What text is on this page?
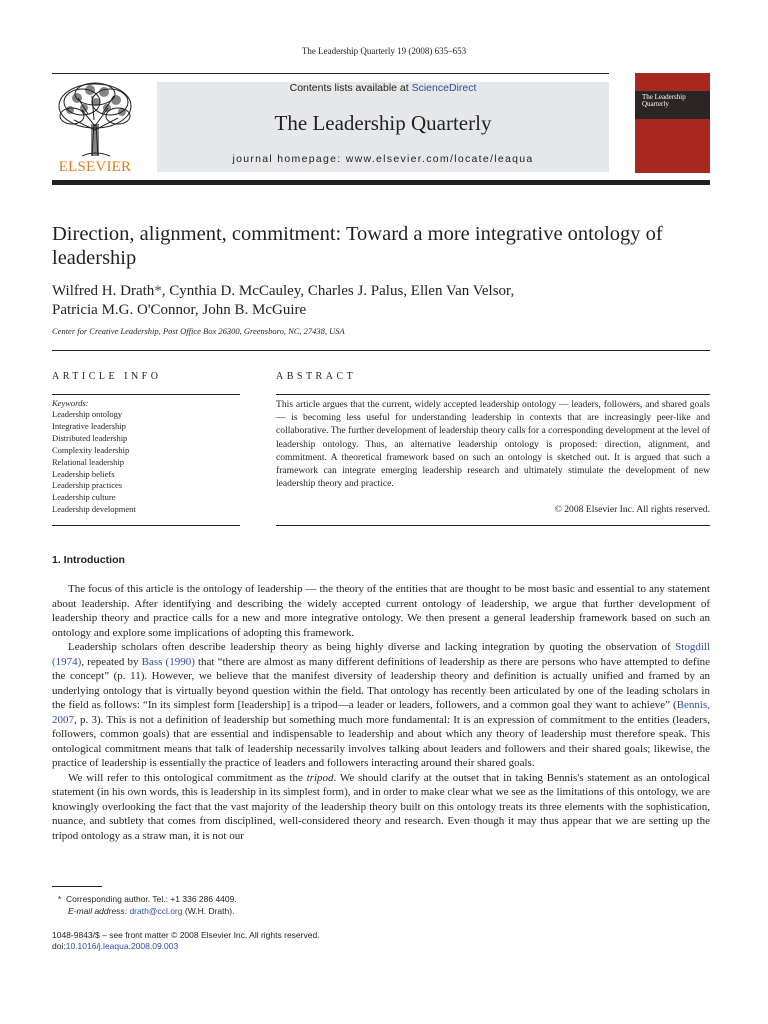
The Leadership Quarterly 19 (2008) 635–653
ELSEVIER
Contents lists available at ScienceDirect
The Leadership Quarterly
journal homepage: www.elsevier.com/locate/leaqua
The Leadership Quarterly
Direction, alignment, commitment: Toward a more integrative ontology of leadership
Wilfred H. Drath*, Cynthia D. McCauley, Charles J. Palus, Ellen Van Velsor,
Patricia M.G. O'Connor, John B. McGuire
Center for Creative Leadership, Post Office Box 26300, Greensboro, NC, 27438, USA
ARTICLE INFO	ABSTRACT
Keywords:
Leadership ontology
Integrative leadership
Distributed leadership
Complexity leadership
Relational leadership
Leadership beliefs
Leadership practices
Leadership culture
Leadership development
This article argues that the current, widely accepted leadership ontology — leaders, followers, and shared goals — is becoming less useful for understanding leadership in contexts that are increasingly peer-like and collaborative. The further development of leadership theory calls for a corresponding development at the level of leadership ontology. Thus, an alternative leadership ontology is proposed: direction, alignment, and commitment. A theoretical framework based on such an ontology is sketched out. It is argued that such a framework can integrate emerging leadership research and ultimately stimulate the development of new leadership theory and practice.
© 2008 Elsevier Inc. All rights reserved.
1. Introduction

The focus of this article is the ontology of leadership — the theory of the entities that are thought to be most basic and essential to any statement about leadership. After identifying and describing the widely accepted current ontology of leadership, we argue that further development of leadership theory and practice calls for a new and more integrative ontology. We then present a general leadership framework based on such an ontology and explore some implications of adopting this framework.

Leadership scholars often describe leadership theory as being highly diverse and lacking integration by quoting the observation of Stogdill (1974), repeated by Bass (1990) that “there are almost as many different definitions of leadership as there are persons who have attempted to define the concept” (p. 11). However, we believe that the manifest diversity of leadership theory and definition is actually unified and framed by an underlying ontology that is virtually beyond question within the field. That ontology has recently been articulated by one of the leading scholars in the field as follows: “In its simplest form [leadership] is a tripod—a leader or leaders, followers, and a common goal they want to achieve” (Bennis, 2007, p. 3). This is not a definition of leadership but something much more fundamental: It is an expression of commitment to the entities (leaders, followers, common goals) that are essential and indispensable to leadership and about which any theory of leadership must therefore speak. This ontological commitment means that talk of leadership necessarily involves talking about leaders and followers and their shared goals; likewise, the practice of leadership is essentially the practice of leaders and followers interacting around their shared goals.

We will refer to this ontological commitment as the tripod. We should clarify at the outset that in taking Bennis's statement as an ontological statement (in his own words, this is leadership in its simplest form), and in order to make clear what we see as the limitations of this ontology, we are knowingly overlooking the fact that the vast majority of the leadership theory built on this ontology treats its three elements with the sophistication, nuance, and subtlety that comes from disciplined, well-considered theory and research. Even though it may thus appear that we are setting up the tripod ontology as a straw man, it is not our

* Corresponding author. Tel.: +1 336 286 4409.
E-mail address: drath@ccl.org (W.H. Drath).
1048-9843/$ – see front matter © 2008 Elsevier Inc. All rights reserved.
doi:10.1016/j.leaqua.2008.09.003
